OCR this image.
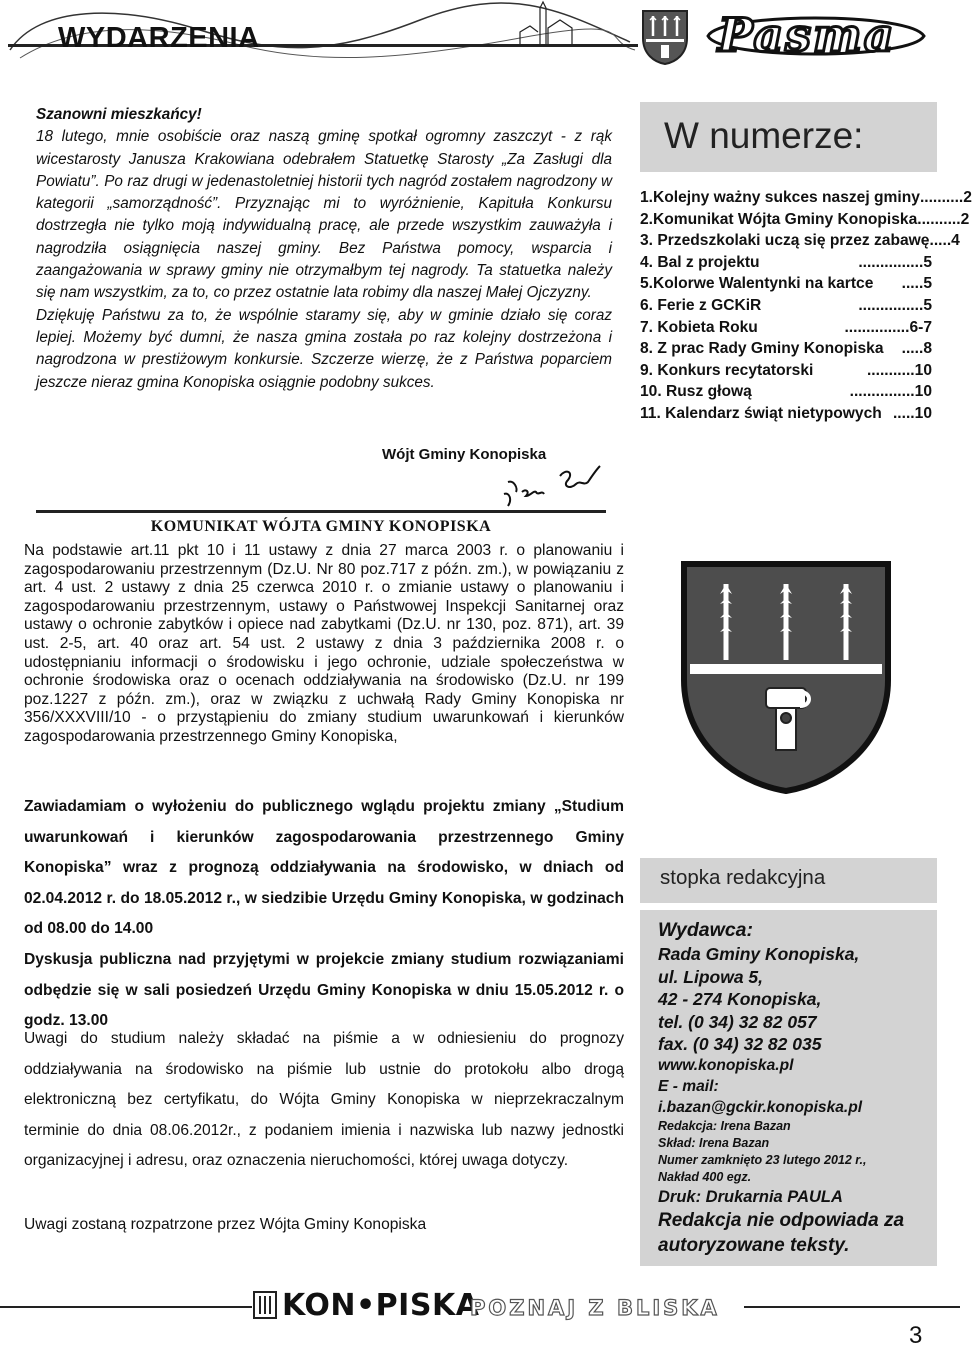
WYDARZENIA	Pasma

Szanowni mieszkańcy!

18 lutego, mnie osobiście oraz naszą gminę spotkał ogromny zaszczyt - z rąk wicestarosty Janusza Krakowiana odebrałem Statuetkę Starosty „Za Zasługi dla Powiatu”. Po raz drugi w jedenastoletniej historii tych nagród zostałem nagrodzony w kategorii „samorządność”. Przyznając mi to wyróżnienie, Kapituła Konkursu dostrzegła nie tylko moją indywidualną pracę, ale przede wszystkim zauważyła i nagrodziła osiągnięcia naszej gminy. Bez Państwa pomocy, wsparcia i zaangażowania w sprawy gminy nie otrzymałbym tej nagrody. Ta statuetka należy się nam wszystkim, za to, co przez ostatnie lata robimy dla naszej Małej Ojczyzny.

Dziękuję Państwu za to, że wspólnie staramy się, aby w gminie działo się coraz lepiej. Możemy być dumni, że nasza gmina została po raz kolejny dostrzeżona i nagrodzona w prestiżowym konkursie. Szczerze wierzę, że z Państwa poparciem jeszcze nieraz gmina Konopiska osiągnie podobny sukces.

Wójt Gminy Konopiska
KOMUNIKAT WÓJTA GMINY KONOPISKA

Na podstawie art.11 pkt 10 i 11 ustawy z dnia 27 marca 2003 r. o planowaniu i zagospodarowaniu przestrzennym (Dz.U. Nr 80 poz.717 z późn. zm.), w powiązaniu z art. 4 ust. 2 ustawy z dnia 25 czerwca 2010 r. o zmianie ustawy o planowaniu i zagospodarowaniu przestrzennym, ustawy o Państwowej Inspekcji Sanitarnej oraz ustawy o ochronie zabytków i opiece nad zabytkami (Dz.U. nr 130, poz. 871), art. 39 ust. 2-5, art. 40 oraz art. 54 ust. 2 ustawy z dnia 3 października 2008 r. o udostępnianiu informacji o środowisku i jego ochronie, udziale społeczeństwa w ochronie środowiska oraz o ocenach oddziaływania na środowisko (Dz.U. nr 199 poz.1227 z późn. zm.), oraz w związku z uchwałą Rady Gminy Konopiska nr 356/XXXVIII/10 - o przystąpieniu do zmiany studium uwarunkowań i kierunków zagospodarowania przestrzennego Gminy Konopiska,

Zawiadamiam o wyłożeniu do publicznego wglądu projektu zmiany „Studium uwarunkowań i kierunków zagospodarowania przestrzennego Gminy Konopiska” wraz z prognozą oddziaływania na środowisko, w dniach od 02.04.2012 r. do 18.05.2012 r., w siedzibie Urzędu Gminy Konopiska, w godzinach od 08.00 do 14.00

Dyskusja publiczna nad przyjętymi w projekcie zmiany studium rozwiązaniami odbędzie się w sali posiedzeń Urzędu Gminy Konopiska w dniu 15.05.2012 r. o godz. 13.00

Uwagi do studium należy składać na piśmie a w odniesieniu do prognozy oddziaływania na środowisko na piśmie lub ustnie do protokołu albo drogą elektroniczną bez certyfikatu, do Wójta Gminy Konopiska w nieprzekraczalnym terminie do dnia 08.06.2012r., z podaniem imienia i nazwiska lub nazwy jednostki organizacyjnej i adresu, oraz oznaczenia nieruchomości, której uwaga dotyczy.

Uwagi zostaną rozpatrzone przez Wójta Gminy Konopiska
W numerze:
1.Kolejny ważny sukces naszej gminy ..........2
2.Komunikat Wójta Gminy Konopiska ..........2
3. Przedszkolaki uczą się przez zabawę .....4
4. Bal z projektu	...............5
5.Kolorwe Walentynki na kartce .....5
6. Ferie z GCKiR	...............5
7. Kobieta Roku	...............6-7
8. Z prac Rady Gminy Konopiska .....8
9. Konkurs recytatorski	...........10
10. Rusz głową	...............10
11. Kalendarz świąt nietypowych .....10
stopka redakcyjna
Wydawca:
Rada Gminy Konopiska,
ul. Lipowa 5,
42 - 274 Konopiska,
tel. (0 34) 32 82 057
fax. (0 34) 32 82 035
www.konopiska.pl
E - mail:
i.bazan@gckir.konopiska.pl
Redakcja: Irena Bazan
Skład: Irena Bazan
Numer zamknięto 23 lutego 2012 r.,
Nakład 400 egz.
Druk: Drukarnia PAULA
Redakcja nie odpowiada za
autoryzowane teksty.
KON•PISKA
POZNAJ Z BLISKA
3
